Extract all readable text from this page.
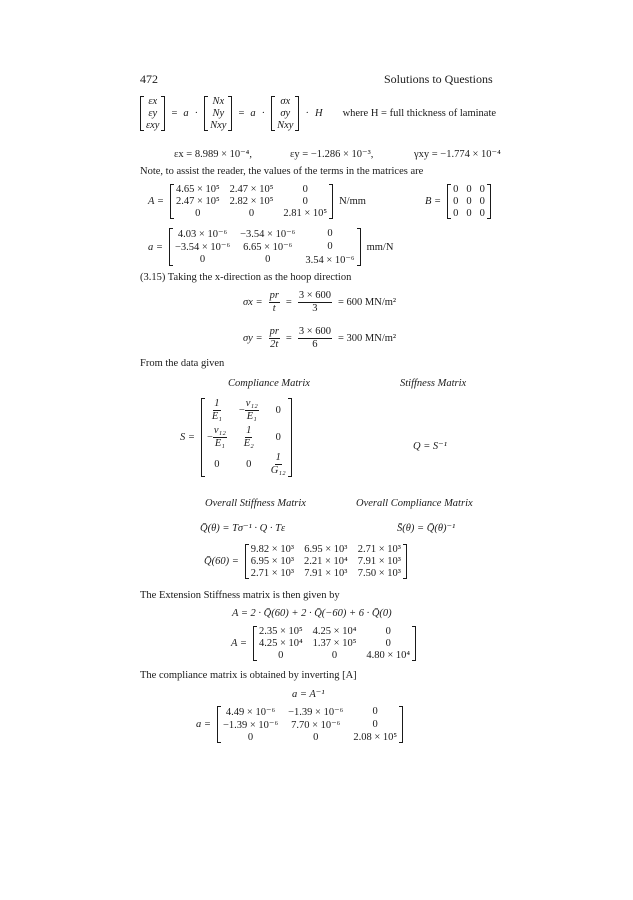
472	Solutions to Questions
εx
εy
εxy
= a ·
Nx
Ny
Nxy
= a ·
σx
σy
Nxy
· H where H = full thickness of laminate
εx = 8.989 × 10⁻⁴,	εy = −1.286 × 10⁻³,	γxy = −1.774 × 10⁻⁴
Note, to assist the reader, the values of the terms in the matrices are
A =
4.65 × 10⁵ 2.47 × 10⁵	0
2.47 × 10⁵ 2.82 × 10⁵	0
0	0	2.81 × 10⁵
N/mm	B =
0 0 0
0 0 0
0 0 0
a =
4.03 × 10⁻⁶ −3.54 × 10⁻⁶	0
−3.54 × 10⁻⁶ 6.65 × 10⁻⁶	0
0	0	3.54 × 10⁻⁶
mm/N
(3.15) Taking the x-direction as the hoop direction
$\sigma x = \frac{pr}{t} = \frac{3 \times 600}{3} = 600$ MN/m²
$\sigma y = \frac{pr}{2t} = \frac{3 \times 600}{6} = 300$ MN/m²
From the data given
Compliance Matrix	Stiffness Matrix
S =
$\frac{1}{\text{E₁}} - \frac{\text{ν₁₂}}{\text{E₁}}$	0
− $\frac{\text{ν₁₂}}{\text{E₁}} \frac{1}{\text{E₂}}$	0
0	0	$\frac{1}{\text{G₁₂}}$
Q = S⁻¹
Overall Stiffness Matrix	Overall Compliance Matrix
Q̄(θ) = Tσ⁻¹ · Q · Tε	S̄(θ) = Q̄(θ)⁻¹
Q̄(60) =
9.82 × 10³ 6.95 × 10³ 2.71 × 10³
6.95 × 10³ 2.21 × 10⁴ 7.91 × 10³
2.71 × 10³ 7.91 × 10³ 7.50 × 10³
The Extension Stiffness matrix is then given by
A = 2 · Q̄(60) + 2 · Q̄(−60) + 6 · Q̄(0)
A =
2.35 × 10⁵ 4.25 × 10⁴	0
4.25 × 10⁴ 1.37 × 10⁵	0
0	0	4.80 × 10⁴
The compliance matrix is obtained by inverting [A]
a = A⁻¹
a =
4.49 × 10⁻⁶ −1.39 × 10⁻⁶	0
−1.39 × 10⁻⁶ 7.70 × 10⁻⁶	0
0	0	2.08 × 10⁵
